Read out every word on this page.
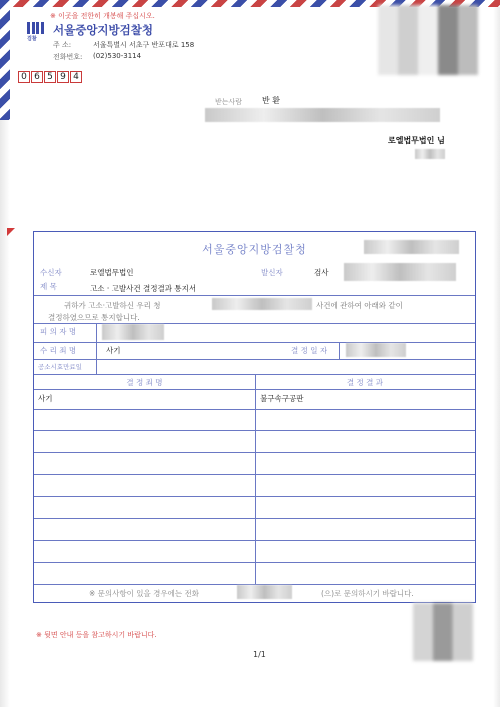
※ 이곳을 전한히 개봉해 주십시오.
검찰
서울중앙지방검찰청
주 소:	서울특별시 서초구 반포대로 158
전화번호: (02)530-3114
0 6 5 9 4
받는사람 반 환
로엘법무법인 님
서울중앙지방검찰청
수신자	로엘법무법인	발신자	검사
제 목	고소 · 고발사건 결정결과 통지서
귀하가 고소·고발하신 우리 청	사건에 관하여 아래와 같이
결정하였으므로 통지합니다.
피 의 자 명
수 리 죄 명	사기	결 정 일 자
공소시효만료일
결 정 죄 명	결 정 결 과
사기	불구속구공판
※ 문의사항이 있을 경우에는 전화	(으)로 문의하시기 바랍니다.
※ 뒷면 안내 등을 참고하시기 바랍니다.
1/1
